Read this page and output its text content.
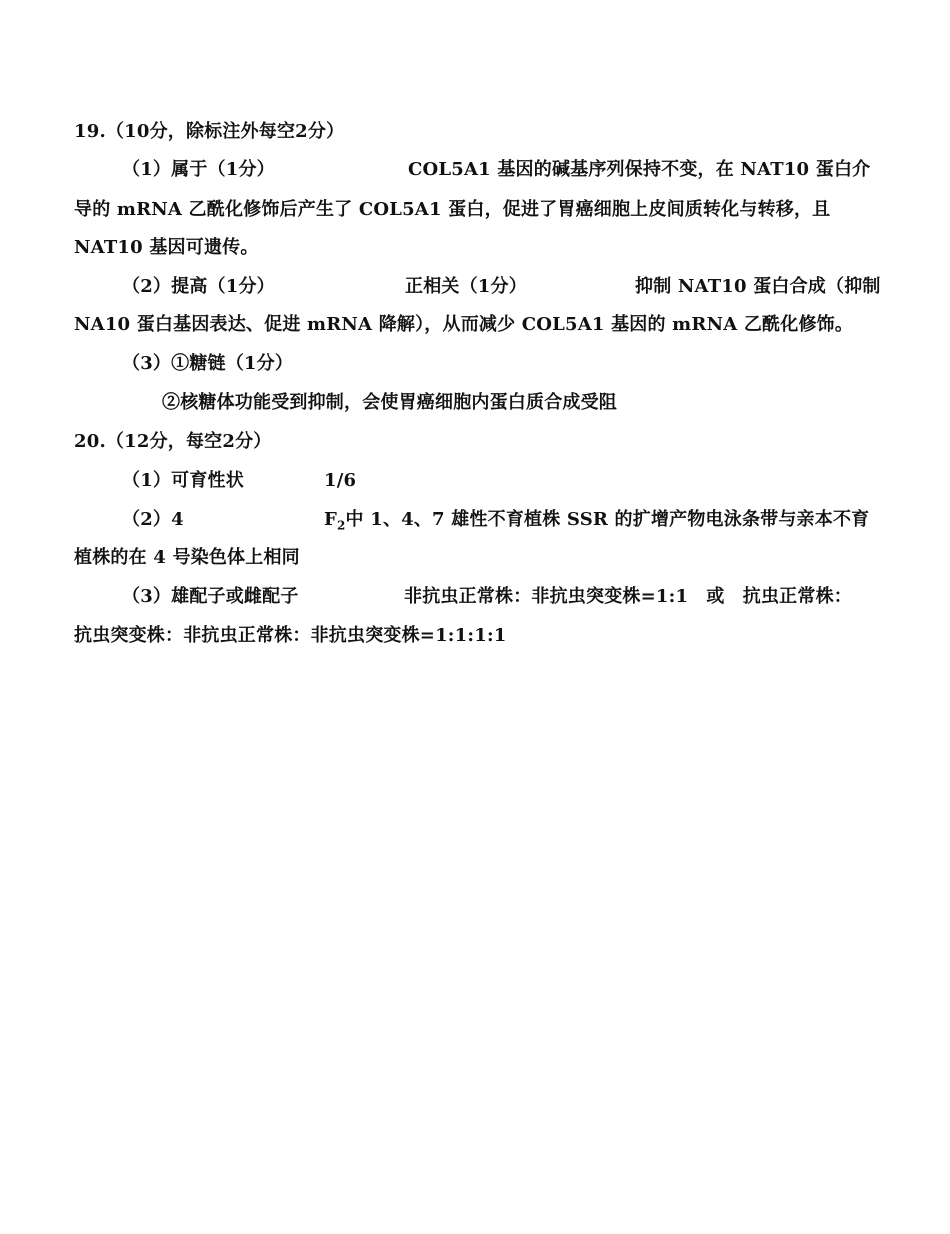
19.（10分，除标注外每空2分）
（1）属于（1分）	COL5A1 基因的碱基序列保持不变，在 NAT10 蛋白介
导的 mRNA 乙酰化修饰后产生了 COL5A1 蛋白，促进了胃癌细胞上皮间质转化与转移，且
NAT10 基因可遗传。
（2）提高（1分）	正相关（1分）	抑制 NAT10 蛋白合成（抑制
NA10 蛋白基因表达、促进 mRNA 降解），从而减少 COL5A1 基因的 mRNA 乙酰化修饰。
（3）①糖链（1分）
②核糖体功能受到抑制，会使胃癌细胞内蛋白质合成受阻
20.（12分，每空2分）
（1）可育性状	1/6
（2）4	$F_2$中 1、4、7 雄性不育植株 SSR 的扩增产物电泳条带与亲本不育
植株的在 4 号染色体上相同
（3）雄配子或雌配子	非抗虫正常株：非抗虫突变株=1:1　或　抗虫正常株：
抗虫突变株：非抗虫正常株：非抗虫突变株=1:1:1:1
